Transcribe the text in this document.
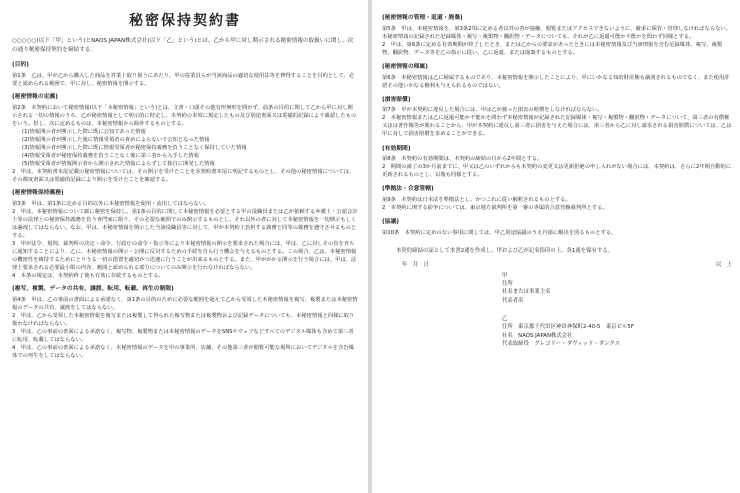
秘密保持契約書

○○○○○(以下「甲」という)とNAOS JAPAN株式会社(以下「乙」という)とは、乙から甲に対し開示される秘密情報の取扱いに関し、次の通り秘密保持契約を締結する。

(目的)

第1条　乙は、甲が乙から購入した商品を営業上取り扱うにあたり、甲の従業員らが当該商品の適切な使用法等を修得することを目的として、必要と認められる範囲で、甲に対し、秘密情報を開示する。

(秘密情報の定義)

第2条　本契約において秘密情報(以下「本秘密情報」という)とは、文書・口頭その他有形無形を問わず、前条の目的に関して乙から甲に対し開示される一切の情報のうち、乙が秘密情報として明示的に特定し、本契約の本項に規定したもの及び別途書面又は電磁的記録により確認したものをいう。但し、次に定めるものは、本秘密情報から除外するものとする。

(1)情報開示者が開示した際に既に公知であった情報

(2)情報開示者が開示した後に情報受領者の責めによらないで公知となった情報

(3)情報開示者が開示した際に既に情報受領者が秘密保持義務を負うことなく保持していた情報

(4)情報受領者が秘密保持義務を負うことなく後に第三者から入手した情報

(5)情報受領者が情報開示者から開示された情報によらずして独自に開発した情報

2　甲は、本契約書末尾記載の秘密情報については、その開示を受けたことを本契約書末尾に明記するものとし、その他の秘密情報については、その都度書面又は電磁的記録により開示を受けたことを確認する。

(秘密情報保持義務)

第3条　甲は、第1条に定める目的以外に本秘密情報を使用・流用してはならない。

2　甲は、本秘密情報について厳に秘密を保持し、第1条の目的に関して本秘密情報を必要とする甲の役職員または乙が依頼する弁護士・公認会計士等の法律上の秘密保持義務を負う専門家に限り、その必要な範囲でのみ開示するものとし、それ以外の者に対して本秘密情報を一切開示もしくは漏洩してはならない。なお、甲は、本秘密情報を開示した当該役職員等に対して、甲が本契約上負担する義務と同等の義務を遵守させるものとする。

3　甲が法令、規則、裁判所の決定・命令、行政庁の命令・指示等により本秘密情報の開示を要求された場合には、甲は、乙に対しその旨を直ちに通知することにより、乙に、本秘密情報の開示・公開に反対するための手続を自ら行う機会を与えるものとする。この場合、乙は、本秘密情報の機密性を維持するためにとりうる一切の措置を適切かつ迅速に行うことが出来るものとする。また、甲がかかる開示を行う場合には、甲は、法律上要求される必要最小限の内容、範囲と認められる部分についてのみ開示を行わなければならない。

4　本条の規定は、本契約終了後も有効に存続するものとする。

(複写、複製、データの共有、譲渡、転用、転載、再生の制限)

第4条　甲は、乙の事前の書面による承諾なく、第1条の目的のために必要な範囲を超えて乙から受領した本秘密情報を複写、複製または本秘密情報のデータの共有、譲渡をしてはならない。

2　甲は、乙から受領した本秘密情報を複写または複製して得られた複写物または複製物および記録データについても、本秘密情報と同様に取り扱わなければならない。

3　甲は、乙の事前の書面による承諾なく、複写物、複製物または本秘密情報のデータをSNSやウェブなどすべてのデジタル媒体も含めて第三者に転用、転載してはならない。

4　甲は、乙の事前の書面による承諾なく、本秘密情報のデータを甲の事業所、店舗、その他第三者が閲覧可能な場所においてデジタルを含む媒体での再生をしてはならない。

(秘密情報の管理・返還・廃棄)

第5条　甲は、本秘密情報を、第3条2項に定める者以外の者が接触、閲覧またはアクセスできないように、厳重に保管・管理しなければならない。本秘密情報の記録された記録媒体・複写・複製物・翻訳物・データについても、それが乙に返還可能か不能かを問わず同様とする。

2　甲は、第6条に定める有効期間が終了したとき、または乙からの要求があったときには本秘密情報及び当該情報を含む記録媒体、複写、複製物、翻訳物、データ等を乙の指示に従い、乙に返還、または廃棄するものとする。

(秘密情報の帰属)

第6条　本秘密情報は乙に帰属するものであり、本秘密情報を開示したことにより、甲にいかなる知的財産権も譲渡されるものでなく、また使用許諾その他いかなる権利も与えられるものではない。

(損害賠償)

第7条　甲が本契約に違反した場合には、甲は乙が被った損害の賠償をしなければならない。

2　本秘密情報または乙に返還可能か不能かを問わず本秘密情報が記録された記録媒体・複写・複製物・翻訳物・データについて、第三者の有償権又はは著作権等が関わることから、甲が本契約に違反し第三者に損害を与えた場合には、第三者から乙に対し請求される損害賠償については、乙は甲に対して損害賠償を求めることができる。

(有効期間)

第8条　本契約の有効期間は、本契約の締結の日から2年間とする。

2　期間の満了の3か月前までに、甲又は乙のいずれからも本契約の変更又は更新拒絶の申し入れがない場合には、本契約は、さらに2年間自動的に更新されるものとし、以後も同様とする。

(準拠法・合意管轄)

第9条　本契約は日本法を準拠法とし、かつこれに従い解釈されるものとする。

2　本契約に関する紛争については、東京地方裁判所を第一審の専属的合意管轄裁判所とする。

(協議)

第10条　本契約に定めのない事項に関しては、甲乙別途協議のうえ円満に解決を図るものとする。

本契約締結の証として本書2通を作成し、甲および乙が記名捺印の上、各1通を保有する。

年　月　日	以　上
甲
住所
社名または事業主名
代表者名
乙
住所　東京都千代田区神田神保町2-40-5　東京ビル5F
社名　NAOS JAPAN株式会社
代表取締役　グレゴリー・ダヴィッド・ダンクス
